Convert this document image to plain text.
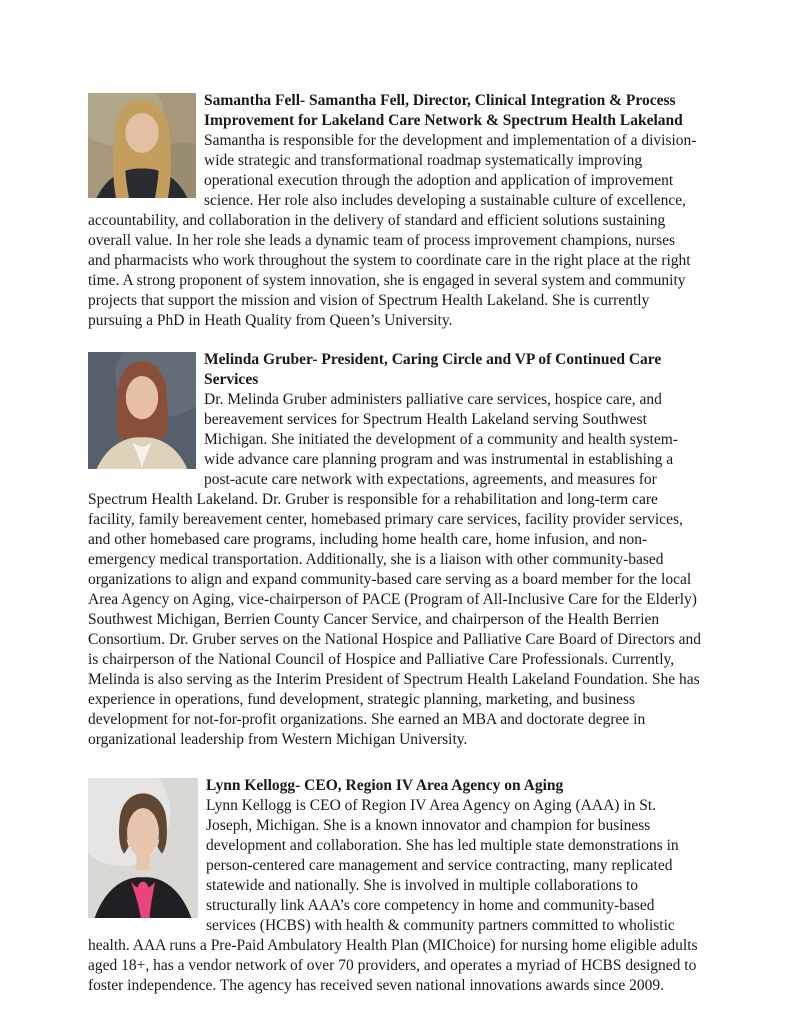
Samantha Fell- Samantha Fell, Director, Clinical Integration & Process Improvement for Lakeland Care Network & Spectrum Health Lakeland

Samantha is responsible for the development and implementation of a division-wide strategic and transformational roadmap systematically improving operational execution through the adoption and application of improvement science. Her role also includes developing a sustainable culture of excellence, accountability, and collaboration in the delivery of standard and efficient solutions sustaining overall value. In her role she leads a dynamic team of process improvement champions, nurses and pharmacists who work throughout the system to coordinate care in the right place at the right time. A strong proponent of system innovation, she is engaged in several system and community projects that support the mission and vision of Spectrum Health Lakeland. She is currently pursuing a PhD in Heath Quality from Queen’s University.

Melinda Gruber- President, Caring Circle and VP of Continued Care Services

Dr. Melinda Gruber administers palliative care services, hospice care, and bereavement services for Spectrum Health Lakeland serving Southwest Michigan. She initiated the development of a community and health system-wide advance care planning program and was instrumental in establishing a post-acute care network with expectations, agreements, and measures for Spectrum Health Lakeland. Dr. Gruber is responsible for a rehabilitation and long-term care facility, family bereavement center, homebased primary care services, facility provider services, and other homebased care programs, including home health care, home infusion, and non-emergency medical transportation. Additionally, she is a liaison with other community-based organizations to align and expand community-based care serving as a board member for the local Area Agency on Aging, vice-chairperson of PACE (Program of All-Inclusive Care for the Elderly) Southwest Michigan, Berrien County Cancer Service, and chairperson of the Health Berrien Consortium. Dr. Gruber serves on the National Hospice and Palliative Care Board of Directors and is chairperson of the National Council of Hospice and Palliative Care Professionals. Currently, Melinda is also serving as the Interim President of Spectrum Health Lakeland Foundation. She has experience in operations, fund development, strategic planning, marketing, and business development for not-for-profit organizations. She earned an MBA and doctorate degree in organizational leadership from Western Michigan University.

Lynn Kellogg- CEO, Region IV Area Agency on Aging

Lynn Kellogg is CEO of Region IV Area Agency on Aging (AAA) in St. Joseph, Michigan. She is a known innovator and champion for business development and collaboration. She has led multiple state demonstrations in person-centered care management and service contracting, many replicated statewide and nationally. She is involved in multiple collaborations to structurally link AAA’s core competency in home and community-based services (HCBS) with health & community partners committed to wholistic health. AAA runs a Pre-Paid Ambulatory Health Plan (MIChoice) for nursing home eligible adults aged 18+, has a vendor network of over 70 providers, and operates a myriad of HCBS designed to foster independence. The agency has received seven national innovations awards since 2009.
